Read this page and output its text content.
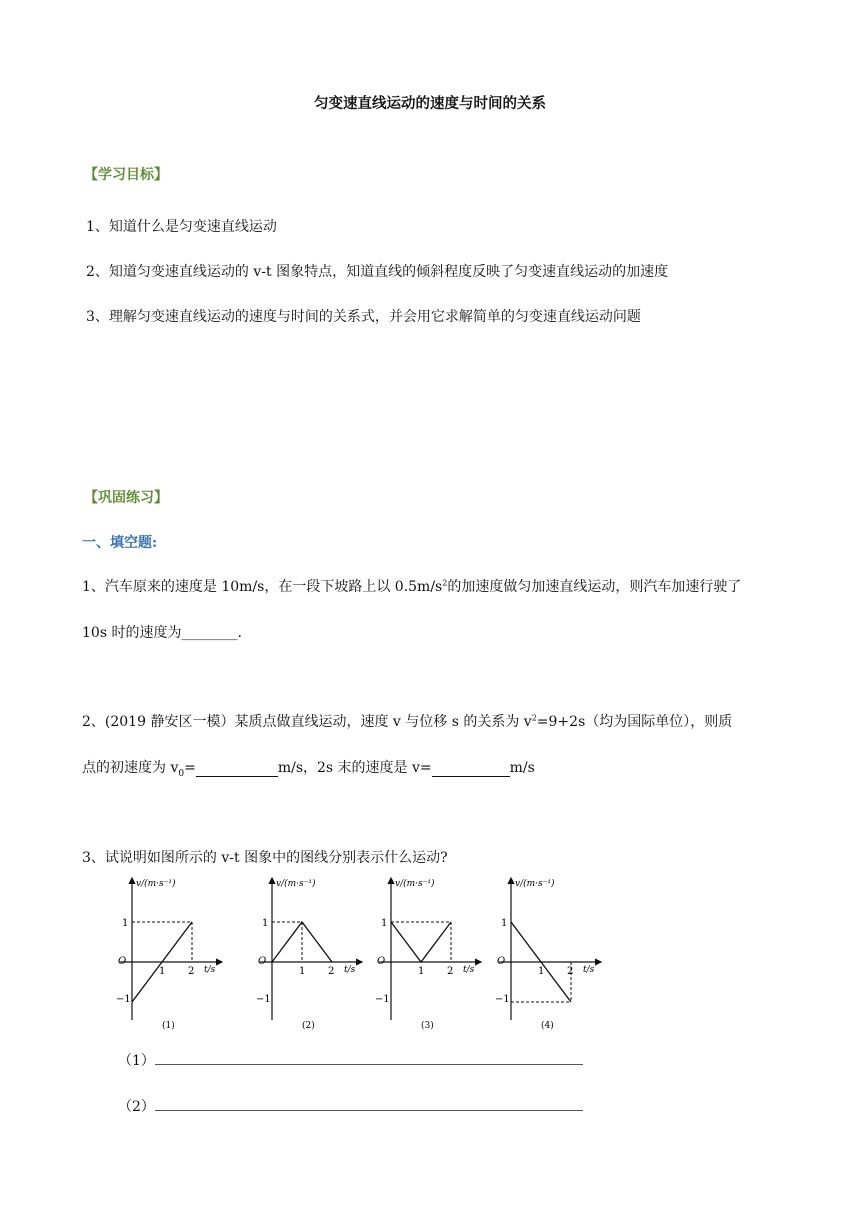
匀变速直线运动的速度与时间的关系
【学习目标】
1、知道什么是匀变速直线运动
2、知道匀变速直线运动的 v-t 图象特点，知道直线的倾斜程度反映了匀变速直线运动的加速度
3、理解匀变速直线运动的速度与时间的关系式，并会用它求解简单的匀变速直线运动问题
【巩固练习】
一、填空题:
1、汽车原来的速度是 10m/s，在一段下坡路上以 $0.5m/s^2$的加速度做匀加速直线运动，则汽车加速行驶了
10s 时的速度为________.
2、(2019 静安区一模）某质点做直线运动，速度 v 与位移 s 的关系为 $v^2=9+2s$（均为国际单位），则质
点的初速度为 $v_0=$	m/s，2s 末的速度是 v=	m/s
3、试说明如图所示的 v-t 图象中的图线分别表示什么运动?
v/(m·s⁻¹)
t/s
O
1
−1
1 2
(1)
v/(m·s⁻¹)
t/s
O
1
−1
1 2
(2)
v/(m·s⁻¹)
t/s
O
1
−1
1 2
(3)
v/(m·s⁻¹)
t/s
O
1
−1
1 2
(4)
（1）
（2）
